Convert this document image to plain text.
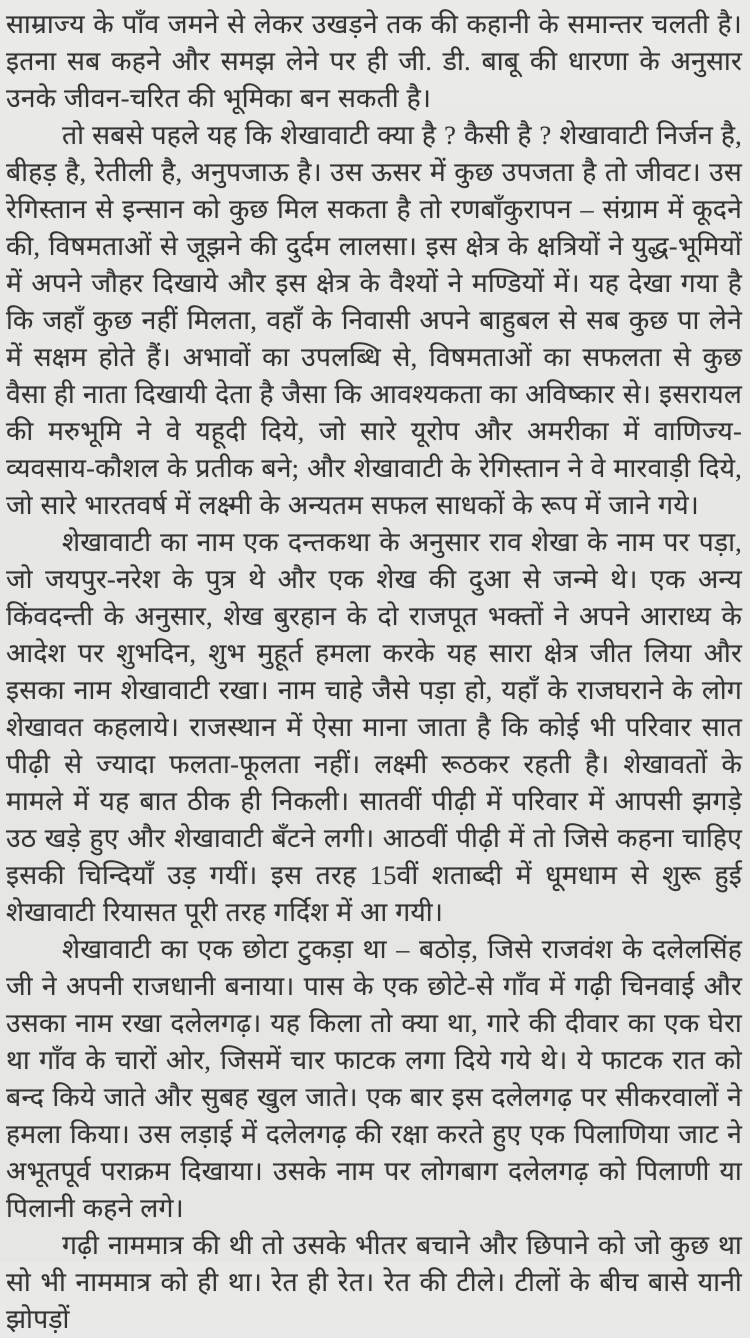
साम्राज्य के पाँव जमने से लेकर उखड़ने तक की कहानी के समान्तर चलती है। इतना सब कहने और समझ लेने पर ही जी. डी. बाबू की धारणा के अनुसार उनके जीवन-चरित की भूमिका बन सकती है।

तो सबसे पहले यह कि शेखावाटी क्या है ? कैसी है ? शेखावाटी निर्जन है, बीहड़ है, रेतीली है, अनुपजाऊ है। उस ऊसर में कुछ उपजता है तो जीवट। उस रेगिस्तान से इन्सान को कुछ मिल सकता है तो रणबाँकुरापन – संग्राम में कूदने की, विषमताओं से जूझने की दुर्दम लालसा। इस क्षेत्र के क्षत्रियों ने युद्ध-भूमियों में अपने जौहर दिखाये और इस क्षेत्र के वैश्यों ने मण्डियों में। यह देखा गया है कि जहाँ कुछ नहीं मिलता, वहाँ के निवासी अपने बाहुबल से सब कुछ पा लेने में सक्षम होते हैं। अभावों का उपलब्धि से, विषमताओं का सफलता से कुछ वैसा ही नाता दिखायी देता है जैसा कि आवश्यकता का अविष्कार से। इसरायल की मरुभूमि ने वे यहूदी दिये, जो सारे यूरोप और अमरीका में वाणिज्य-व्यवसाय-कौशल के प्रतीक बने; और शेखावाटी के रेगिस्तान ने वे मारवाड़ी दिये, जो सारे भारतवर्ष में लक्ष्मी के अन्यतम सफल साधकों के रूप में जाने गये।

शेखावाटी का नाम एक दन्तकथा के अनुसार राव शेखा के नाम पर पड़ा, जो जयपुर-नरेश के पुत्र थे और एक शेख की दुआ से जन्मे थे। एक अन्य किंवदन्ती के अनुसार, शेख बुरहान के दो राजपूत भक्तों ने अपने आराध्य के आदेश पर शुभदिन, शुभ मुहूर्त हमला करके यह सारा क्षेत्र जीत लिया और इसका नाम शेखावाटी रखा। नाम चाहे जैसे पड़ा हो, यहाँ के राजघराने के लोग शेखावत कहलाये। राजस्थान में ऐसा माना जाता है कि कोई भी परिवार सात पीढ़ी से ज्यादा फलता-फूलता नहीं। लक्ष्मी रूठकर रहती है। शेखावतों के मामले में यह बात ठीक ही निकली। सातवीं पीढ़ी में परिवार में आपसी झगड़े उठ खड़े हुए और शेखावाटी बँटने लगी। आठवीं पीढ़ी में तो जिसे कहना चाहिए इसकी चिन्दियाँ उड़ गयीं। इस तरह 15वीं शताब्दी में धूमधाम से शुरू हुई शेखावाटी रियासत पूरी तरह गर्दिश में आ गयी।

शेखावाटी का एक छोटा टुकड़ा था – बठोड़, जिसे राजवंश के दलेलसिंह जी ने अपनी राजधानी बनाया। पास के एक छोटे-से गाँव में गढ़ी चिनवाई और उसका नाम रखा दलेलगढ़। यह किला तो क्या था, गारे की दीवार का एक घेरा था गाँव के चारों ओर, जिसमें चार फाटक लगा दिये गये थे। ये फाटक रात को बन्द किये जाते और सुबह खुल जाते। एक बार इस दलेलगढ़ पर सीकरवालों ने हमला किया। उस लड़ाई में दलेलगढ़ की रक्षा करते हुए एक पिलाणिया जाट ने अभूतपूर्व पराक्रम दिखाया। उसके नाम पर लोगबाग दलेलगढ़ को पिलाणी या पिलानी कहने लगे।

गढ़ी नाममात्र की थी तो उसके भीतर बचाने और छिपाने को जो कुछ था सो भी नाममात्र को ही था। रेत ही रेत। रेत की टीले। टीलों के बीच बासे यानी झोपड़ों
